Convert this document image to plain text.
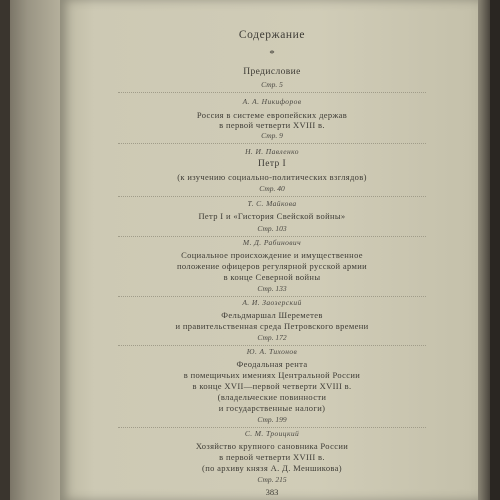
Содержание
*
Предисловие
Стр. 5
А. А. Никифоров
Россия в системе европейских держав
в первой четверти XVIII в.
Стр. 9
Н. И. Павленко
Петр I
(к изучению социально-политических взглядов)
Стр. 40
Т. С. Майкова
Петр I и «Гистория Свейской войны»
Стр. 103
М. Д. Рабинович
Социальное происхождение и имущественное
положение офицеров регулярной русской армии
в конце Северной войны
Стр. 133
А. И. Заозерский
Фельдмаршал Шереметев
и правительственная среда Петровского времени
Стр. 172
Ю. А. Тихонов
Феодальная рента
в помещичьих имениях Центральной России
в конце XVII—первой четверти XVIII в.
(владельческие повинности
и государственные налоги)
Стр. 199
С. М. Троицкий
Хозяйство крупного сановника России
в первой четверти XVIII в.
(по архиву князя А. Д. Меншикова)
Стр. 215
383
